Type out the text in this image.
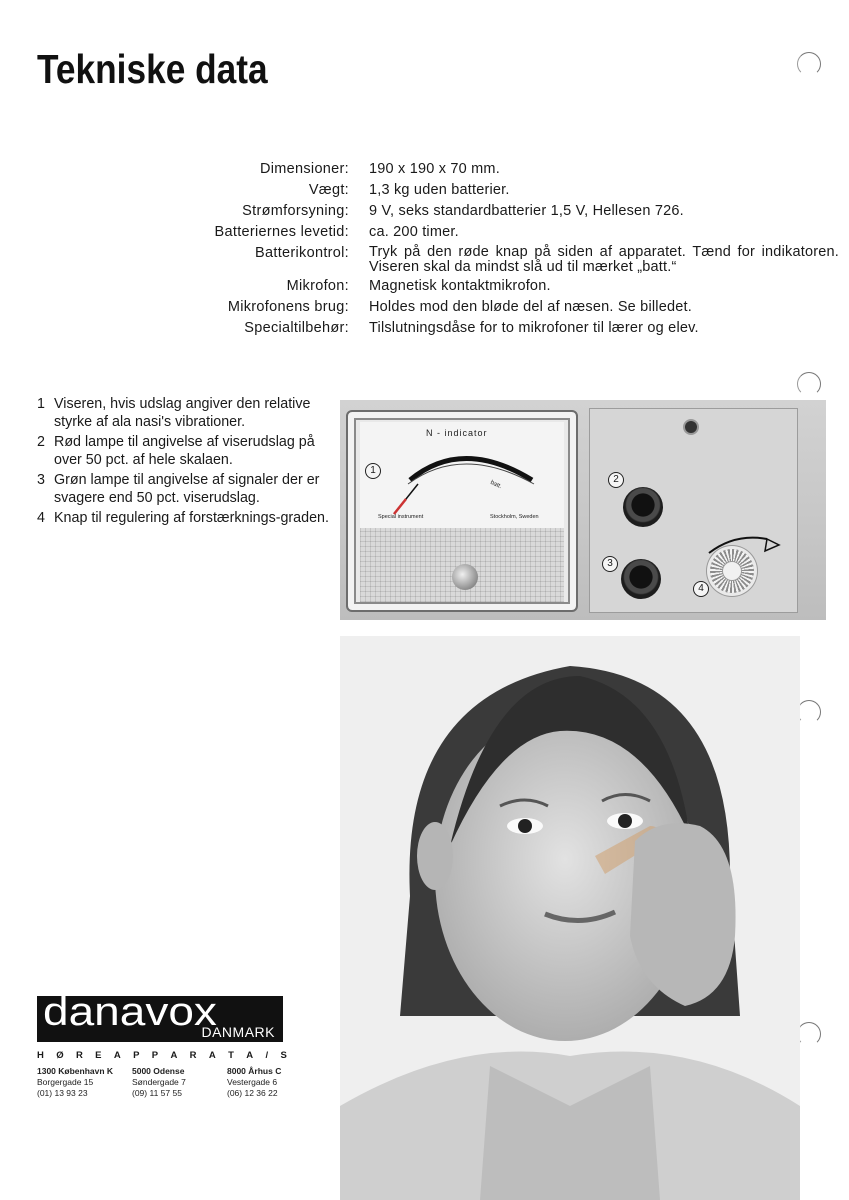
Tekniske data
Dimensioner: 190 x 190 x 70 mm.
Vægt: 1,3 kg uden batterier.
Strømforsyning: 9 V, seks standardbatterier 1,5 V, Hellesen 726.
Batteriernes levetid: ca. 200 timer.
Batterikontrol: Tryk på den røde knap på siden af apparatet. Tænd for indikatoren. Viseren skal da mindst slå ud til mærket „batt.“
Mikrofon: Magnetisk kontaktmikrofon.
Mikrofonens brug: Holdes mod den bløde del af næsen. Se billedet.
Specialtilbehør: Tilslutningsdåse for to mikrofoner til lærer og elev.
1 Viseren, hvis udslag angiver den relative styrke af ala nasi's vibrationer.
2 Rød lampe til angivelse af viserudslag på over 50 pct. af hele skalaen.
3 Grøn lampe til angivelse af signaler der er svagere end 50 pct. viserudslag.
4 Knap til regulering af forstærknings-graden.
N - indicator
batt.
Special instrument	Stockholm, Sweden
1
2
3
4
danavox
DANMARK
H Ø R E A P P A R A T A / S
1300 København K
Borgergade 15
(01) 13 93 23
5000 Odense
Søndergade 7
(09) 11 57 55
8000 Århus C
Vestergade 6
(06) 12 36 22
